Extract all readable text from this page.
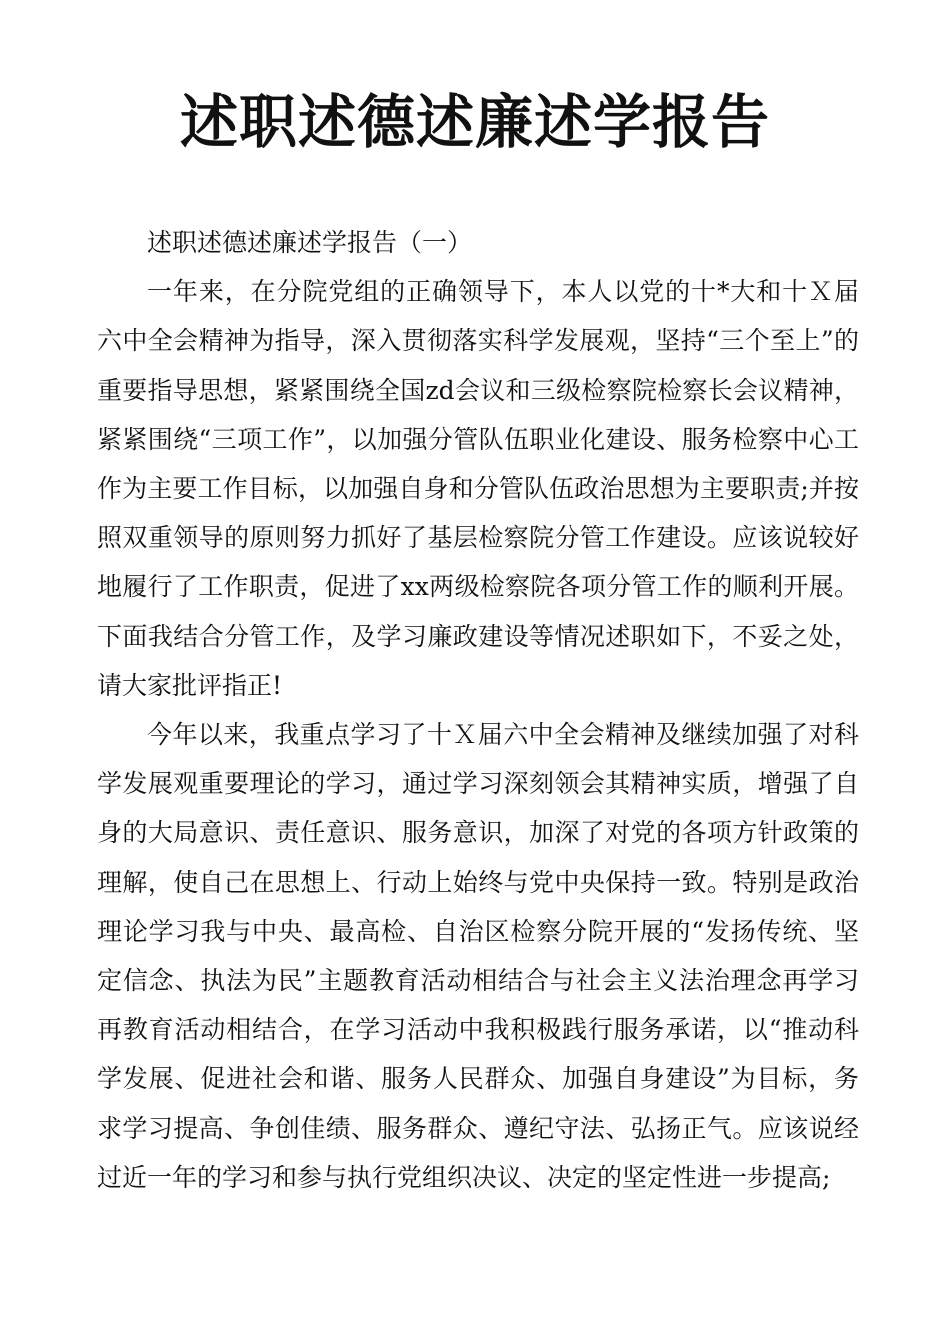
述职述德述廉述学报告

述职述德述廉述学报告（一）

一年来，在分院党组的正确领导下，本人以党的十*大和十Ｘ届六中全会精神为指导，深入贯彻落实科学发展观，坚持“三个至上”的重要指导思想，紧紧围绕全国zd会议和三级检察院检察长会议精神，紧紧围绕“三项工作”，以加强分管队伍职业化建设、服务检察中心工作为主要工作目标，以加强自身和分管队伍政治思想为主要职责;并按照双重领导的原则努力抓好了基层检察院分管工作建设。应该说较好地履行了工作职责，促进了xx两级检察院各项分管工作的顺利开展。下面我结合分管工作，及学习廉政建设等情况述职如下，不妥之处，请大家批评指正!

今年以来，我重点学习了十Ｘ届六中全会精神及继续加强了对科学发展观重要理论的学习，通过学习深刻领会其精神实质，增强了自身的大局意识、责任意识、服务意识，加深了对党的各项方针政策的理解，使自己在思想上、行动上始终与党中央保持一致。特别是政治理论学习我与中央、最高检、自治区检察分院开展的“发扬传统、坚定信念、执法为民”主题教育活动相结合与社会主义法治理念再学习再教育活动相结合，在学习活动中我积极践行服务承诺，以“推动科学发展、促进社会和谐、服务人民群众、加强自身建设”为目标，务求学习提高、争创佳绩、服务群众、遵纪守法、弘扬正气。应该说经过近一年的学习和参与执行党组织决议、决定的坚定性进一步提高;
